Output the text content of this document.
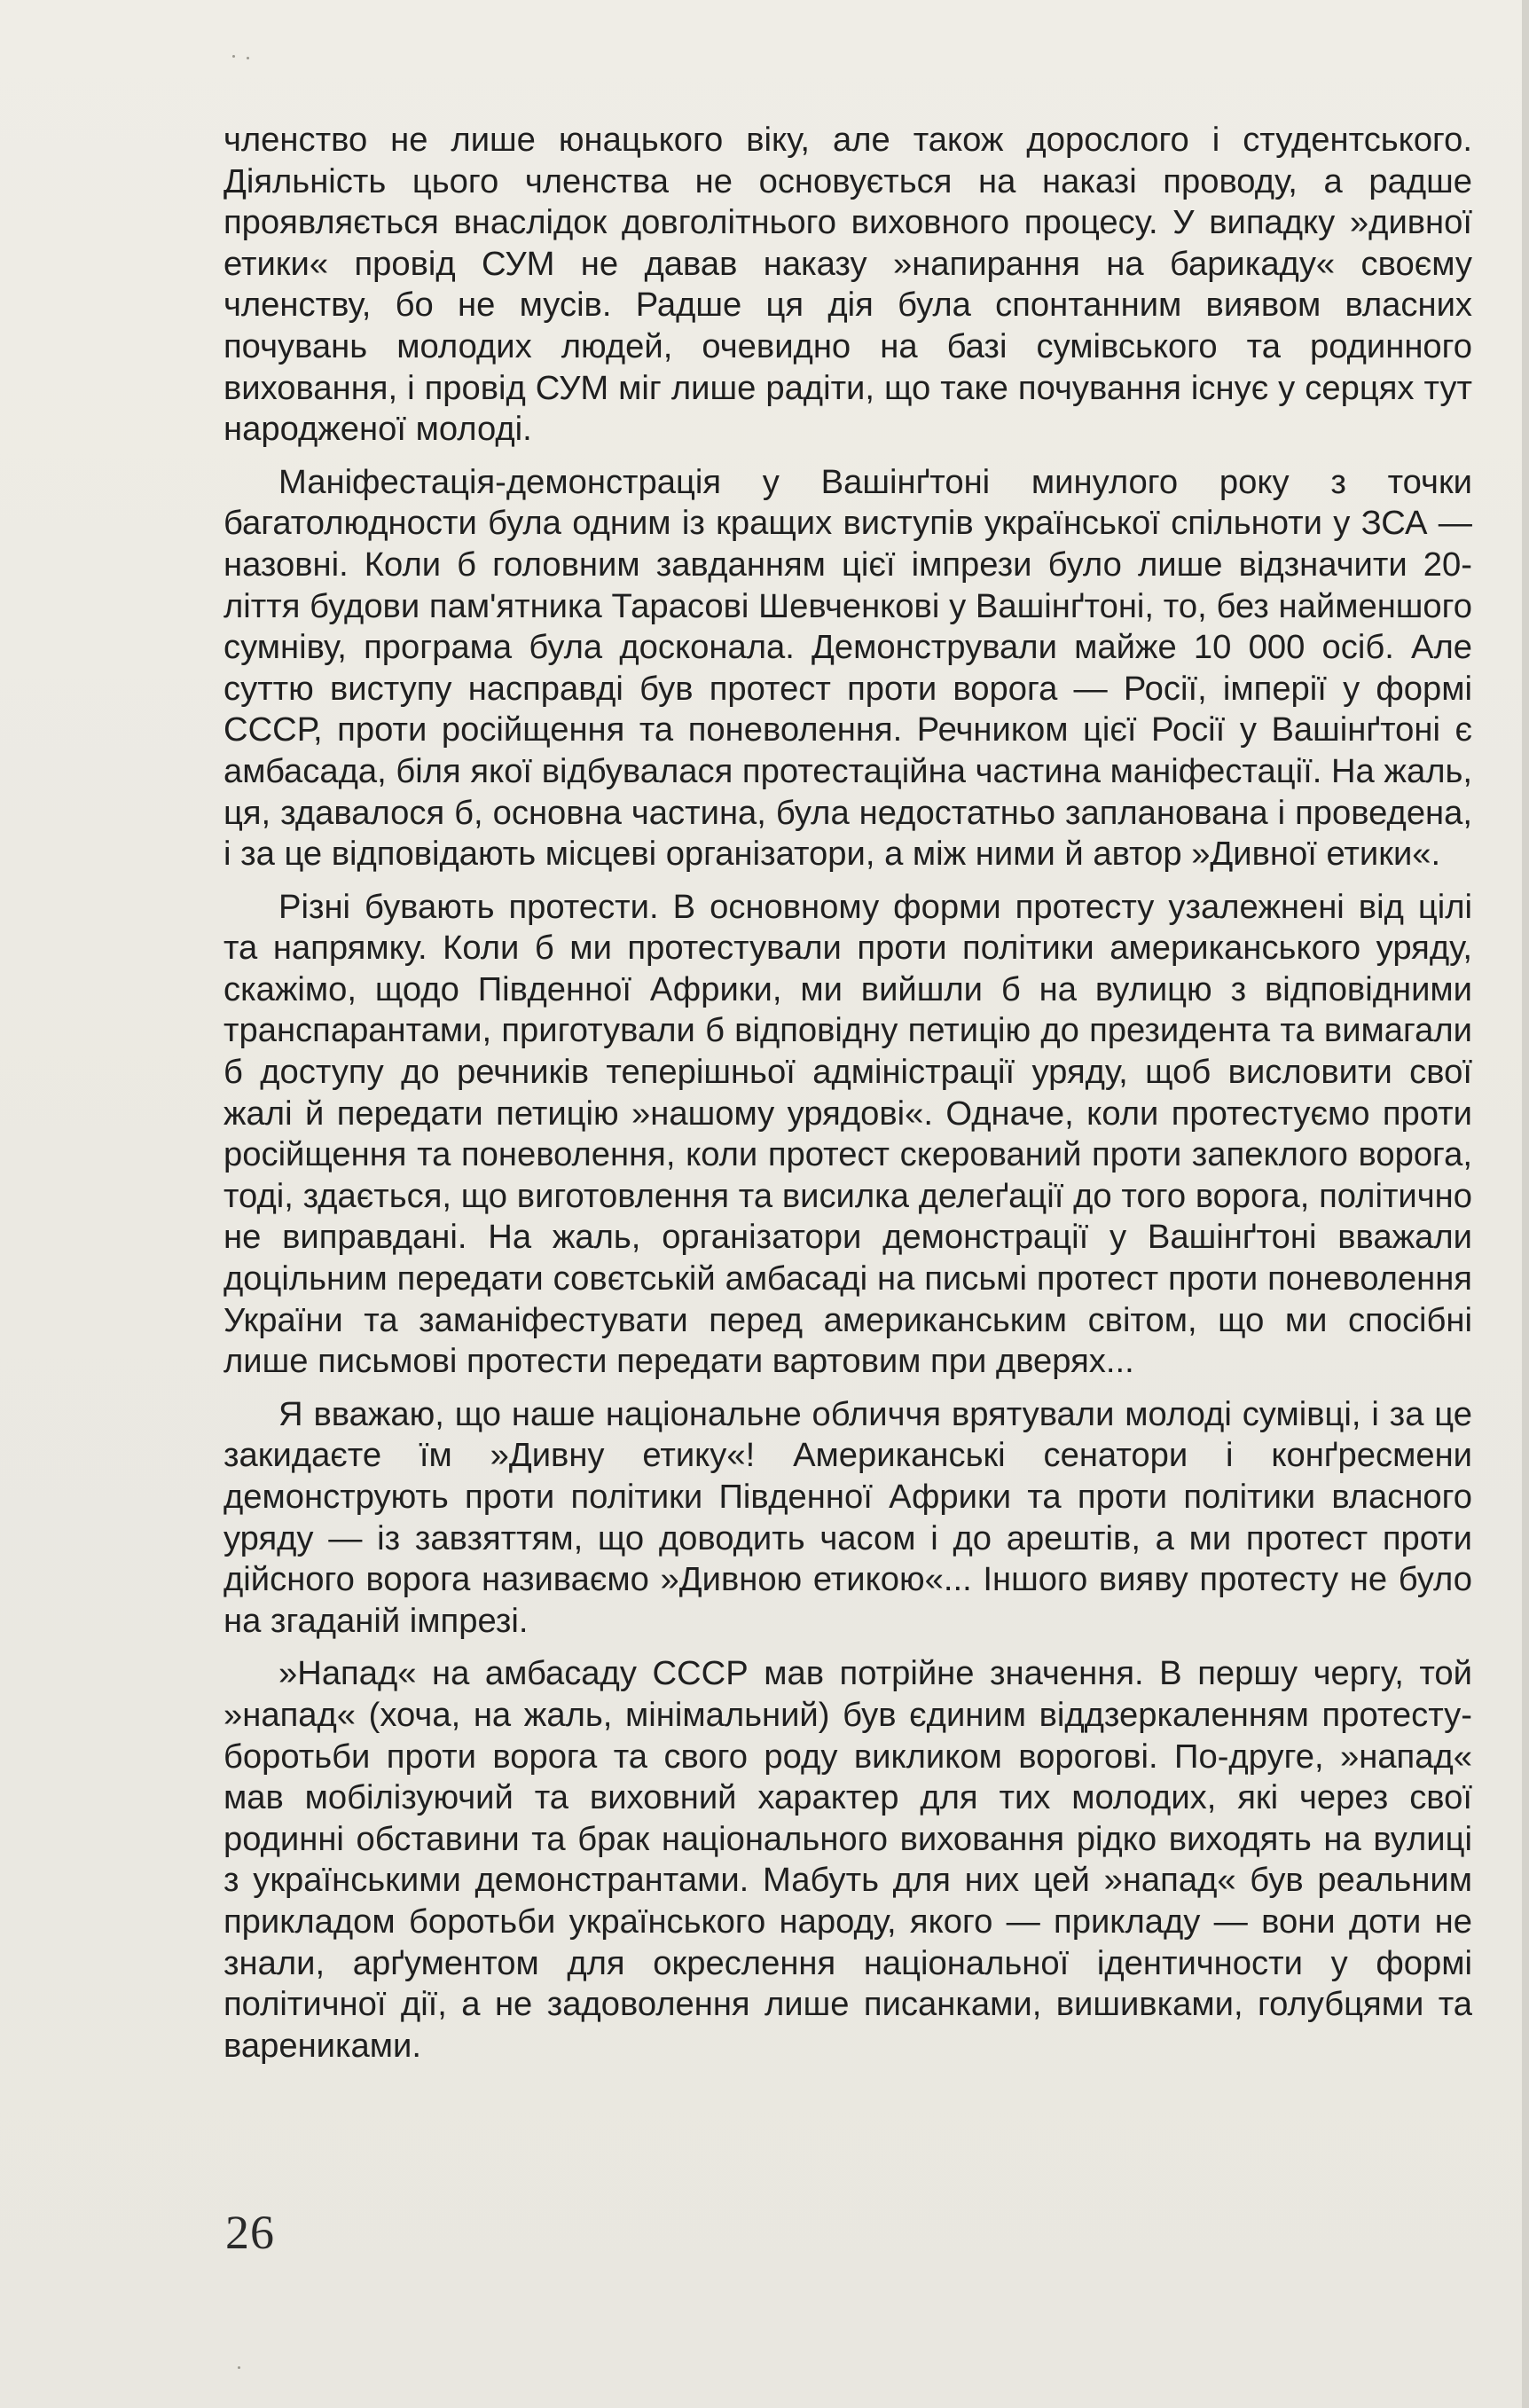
членство не лише юнацького віку, але також дорослого і студентського. Діяльність цього членства не основується на наказі проводу, а радше проявляється внаслідок довголітнього виховного процесу. У випадку »дивної етики« провід СУМ не давав наказу »напирання на барикаду« своєму членству, бо не мусів. Радше ця дія була спонтанним виявом власних почувань молодих людей, очевидно на базі сумівського та родинного виховання, і провід СУМ міг лише радіти, що таке почування існує у серцях тут народженої молоді.

Маніфестація-демонстрація у Вашінґтоні минулого року з точки багатолюдности була одним із кращих виступів української спільноти у ЗСА — назовні. Коли б головним завданням цієї імпрези було лише відзначити 20-ліття будови пам'ятника Тарасові Шевченкові у Вашінґтоні, то, без найменшого сумніву, програма була досконала. Демонстрували майже 10 000 осіб. Але суттю виступу насправді був протест проти ворога — Росії, імперії у формі СССР, проти російщення та поневолення. Речником цієї Росії у Вашінґтоні є амбасада, біля якої відбувалася протестаційна частина маніфестації. На жаль, ця, здавалося б, основна частина, була недостатньо запланована і проведена, і за це відповідають місцеві організатори, а між ними й автор »Дивної етики«.

Різні бувають протести. В основному форми протесту узалежнені від цілі та напрямку. Коли б ми протестували проти політики американського уряду, скажімо, щодо Південної Африки, ми вийшли б на вулицю з відповідними транспарантами, приготували б відповідну петицію до президента та вимагали б доступу до речників теперішньої адміністрації уряду, щоб висловити свої жалі й передати петицію »нашому урядові«. Одначе, коли протестуємо проти російщення та поневолення, коли протест скерований проти запеклого ворога, тоді, здається, що виготовлення та висилка делеґації до того ворога, політично не виправдані. На жаль, організатори демонстрації у Вашінґтоні вважали доцільним передати совєтській амбасаді на письмі протест проти поневолення України та заманіфестувати перед американським світом, що ми спосібні лише письмові протести передати вартовим при дверях...

Я вважаю, що наше національне обличчя врятували молоді сумівці, і за це закидаєте їм »Дивну етику«! Американські сенатори і конґресмени демонструють проти політики Південної Африки та проти політики власного уряду — із завзяттям, що доводить часом і до арештів, а ми протест проти дійсного ворога називаємо »Дивною етикою«... Іншого вияву протесту не було на згаданій імпрезі.

»Напад« на амбасаду СССР мав потрійне значення. В першу чергу, той »напад« (хоча, на жаль, мінімальний) був єдиним віддзеркаленням протесту-боротьби проти ворога та свого роду викликом ворогові. По-друге, »напад« мав мобілізуючий та виховний характер для тих молодих, які через свої родинні обставини та брак національного виховання рідко виходять на вулиці з українськими демонстрантами. Мабуть для них цей »напад« був реальним прикладом боротьби українського народу, якого — прикладу — вони доти не знали, арґументом для окреслення національної ідентичности у формі політичної дії, а не задоволення лише писанками, вишивками, голубцями та варениками.

26
